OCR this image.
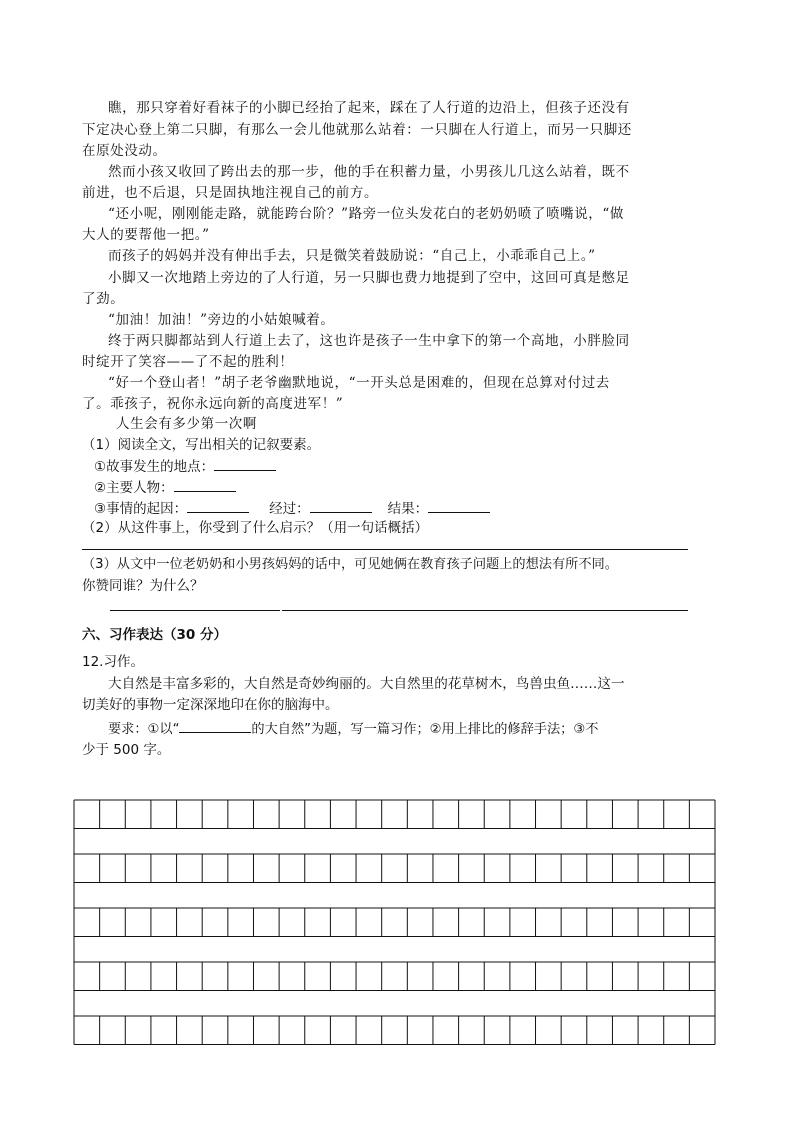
瞧，那只穿着好看袜子的小脚已经抬了起来，踩在了人行道的边沿上，但孩子还没有
下定决心登上第二只脚，有那么一会儿他就那么站着：一只脚在人行道上，而另一只脚还
在原处没动。
然而小孩又收回了跨出去的那一步，他的手在积蓄力量，小男孩儿几这么站着，既不
前进，也不后退，只是固执地注视自己的前方。
“还小呢，刚刚能走路，就能跨台阶？”路旁一位头发花白的老奶奶喷了喷嘴说，“做
大人的要帮他一把。”
而孩子的妈妈并没有伸出手去，只是微笑着鼓励说：“自己上，小乖乖自己上。”
小脚又一次地踏上旁边的了人行道，另一只脚也费力地提到了空中，这回可真是憋足
了劲。
“加油！加油！”旁边的小姑娘喊着。
终于两只脚都站到人行道上去了，这也许是孩子一生中拿下的第一个高地，小胖脸同
时绽开了笑容——了不起的胜利！
“好一个登山者！”胡子老爷幽默地说，“一开头总是困难的，但现在总算对付过去
了。乖孩子，祝你永远向新的高度进军！”
人生会有多少第一次啊
（1）阅读全文，写出相关的记叙要素。
①故事发生的地点：
②主要人物：
③事情的起因：	经过：	结果：
（2）从这件事上，你受到了什么启示？（用一句话概括）
（3）从文中一位老奶奶和小男孩妈妈的话中，可见她俩在教育孩子问题上的想法有所不同。
你赞同谁？为什么？
六、习作表达（30 分）
12.习作。
大自然是丰富多彩的，大自然是奇妙绚丽的。大自然里的花草树木，鸟兽虫鱼……这一
切美好的事物一定深深地印在你的脑海中。
要求：①以“	的大自然”为题，写一篇习作；②用上排比的修辞手法；③不
少于 500 字。
